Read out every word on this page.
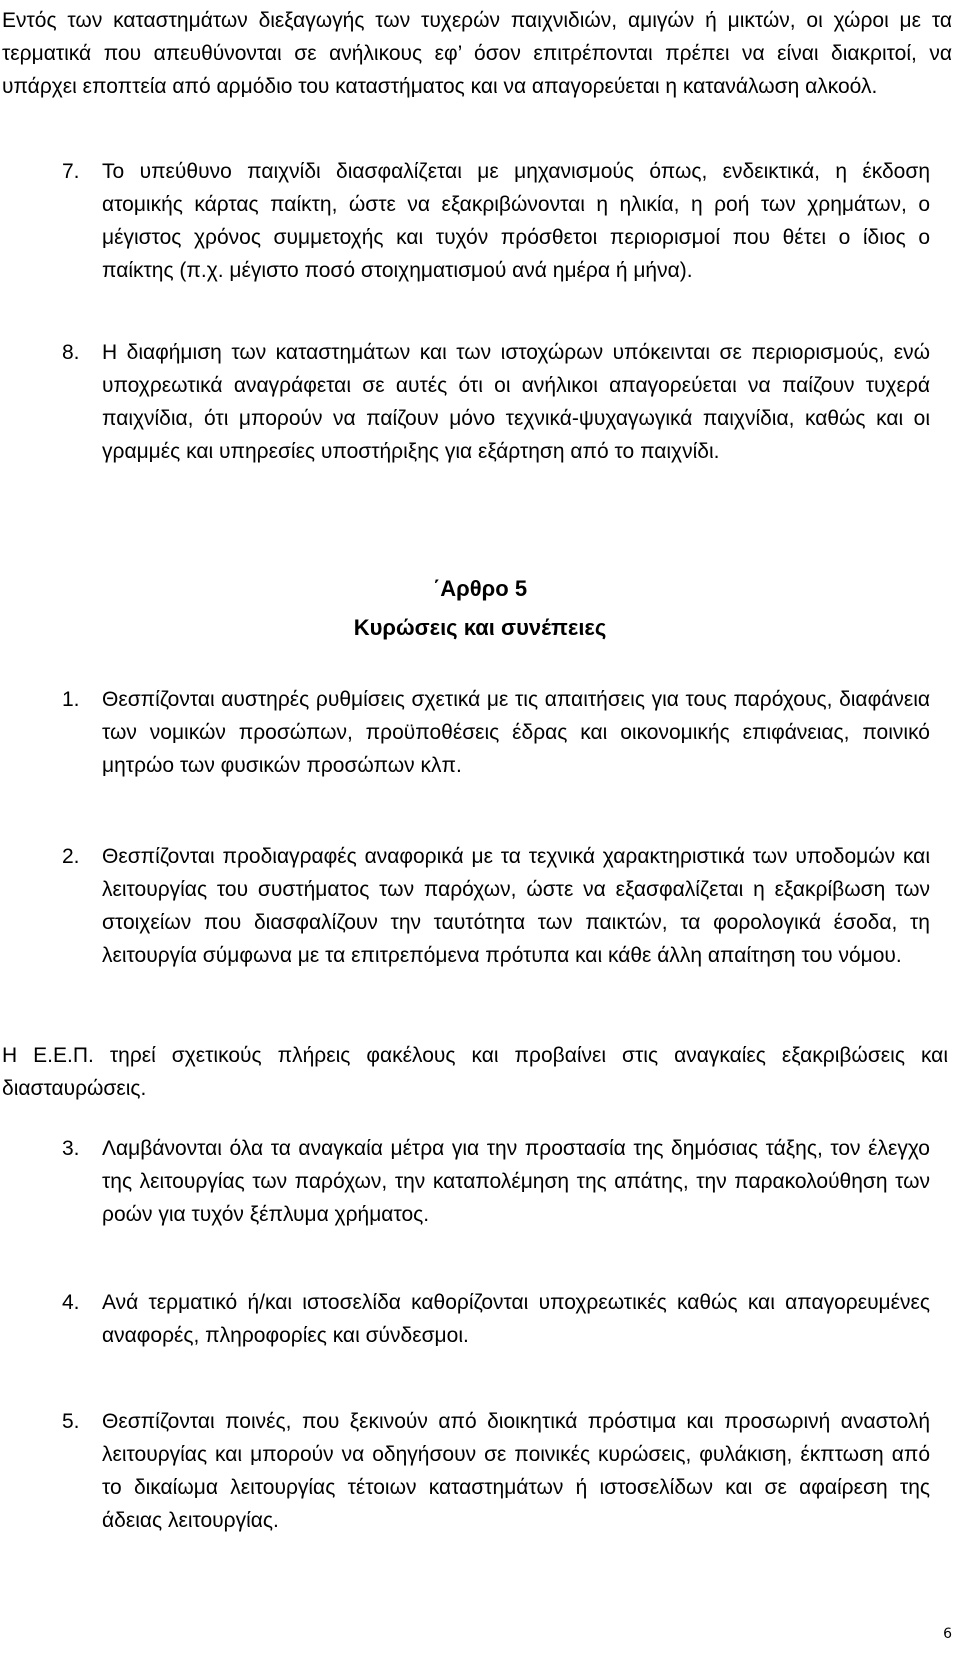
Εντός των καταστημάτων διεξαγωγής των τυχερών παιχνιδιών, αμιγών ή μικτών, οι χώροι με τα τερματικά που απευθύνονται σε ανήλικους εφ’ όσον επιτρέπονται πρέπει να είναι διακριτοί, να υπάρχει εποπτεία από αρμόδιο του καταστήματος και να απαγορεύεται η κατανάλωση αλκοόλ.

7. Το υπεύθυνο παιχνίδι διασφαλίζεται με μηχανισμούς όπως, ενδεικτικά, η έκδοση ατομικής κάρτας παίκτη, ώστε να εξακριβώνονται η ηλικία, η ροή των χρημάτων, ο μέγιστος χρόνος συμμετοχής και τυχόν πρόσθετοι περιορισμοί που θέτει ο ίδιος ο παίκτης (π.χ. μέγιστο ποσό στοιχηματισμού ανά ημέρα ή μήνα).

8. Η διαφήμιση των καταστημάτων και των ιστοχώρων υπόκεινται σε περιορισμούς, ενώ υποχρεωτικά αναγράφεται σε αυτές ότι οι ανήλικοι απαγορεύεται να παίζουν τυχερά παιχνίδια, ότι μπορούν να παίζουν μόνο τεχνικά-ψυχαγωγικά παιχνίδια, καθώς και οι γραμμές και υπηρεσίες υποστήριξης για εξάρτηση από το παιχνίδι.

΄Αρθρο 5
Κυρώσεις και συνέπειες
1. Θεσπίζονται αυστηρές ρυθμίσεις σχετικά με τις απαιτήσεις για τους παρόχους, διαφάνεια των νομικών προσώπων, προϋποθέσεις έδρας και οικονομικής επιφάνειας, ποινικό μητρώο των φυσικών προσώπων κλπ.

2. Θεσπίζονται προδιαγραφές αναφορικά με τα τεχνικά χαρακτηριστικά των υποδομών και λειτουργίας του συστήματος των παρόχων, ώστε να εξασφαλίζεται η εξακρίβωση των στοιχείων που διασφαλίζουν την ταυτότητα των παικτών, τα φορολογικά έσοδα, τη λειτουργία σύμφωνα με τα επιτρεπόμενα πρότυπα και κάθε άλλη απαίτηση του νόμου.

Η Ε.Ε.Π. τηρεί σχετικούς πλήρεις φακέλους και προβαίνει στις αναγκαίες εξακριβώσεις και διασταυρώσεις.

3. Λαμβάνονται όλα τα αναγκαία μέτρα για την προστασία της δημόσιας τάξης, τον έλεγχο της λειτουργίας των παρόχων, την καταπολέμηση της απάτης, την παρακολούθηση των ροών για τυχόν ξέπλυμα χρήματος.

4. Ανά τερματικό ή/και ιστοσελίδα καθορίζονται υποχρεωτικές καθώς και απαγορευμένες αναφορές, πληροφορίες και σύνδεσμοι.

5. Θεσπίζονται ποινές, που ξεκινούν από διοικητικά πρόστιμα και προσωρινή αναστολή λειτουργίας και μπορούν να οδηγήσουν σε ποινικές κυρώσεις, φυλάκιση, έκπτωση από το δικαίωμα λειτουργίας τέτοιων καταστημάτων ή ιστοσελίδων και σε αφαίρεση της άδειας λειτουργίας.

6
